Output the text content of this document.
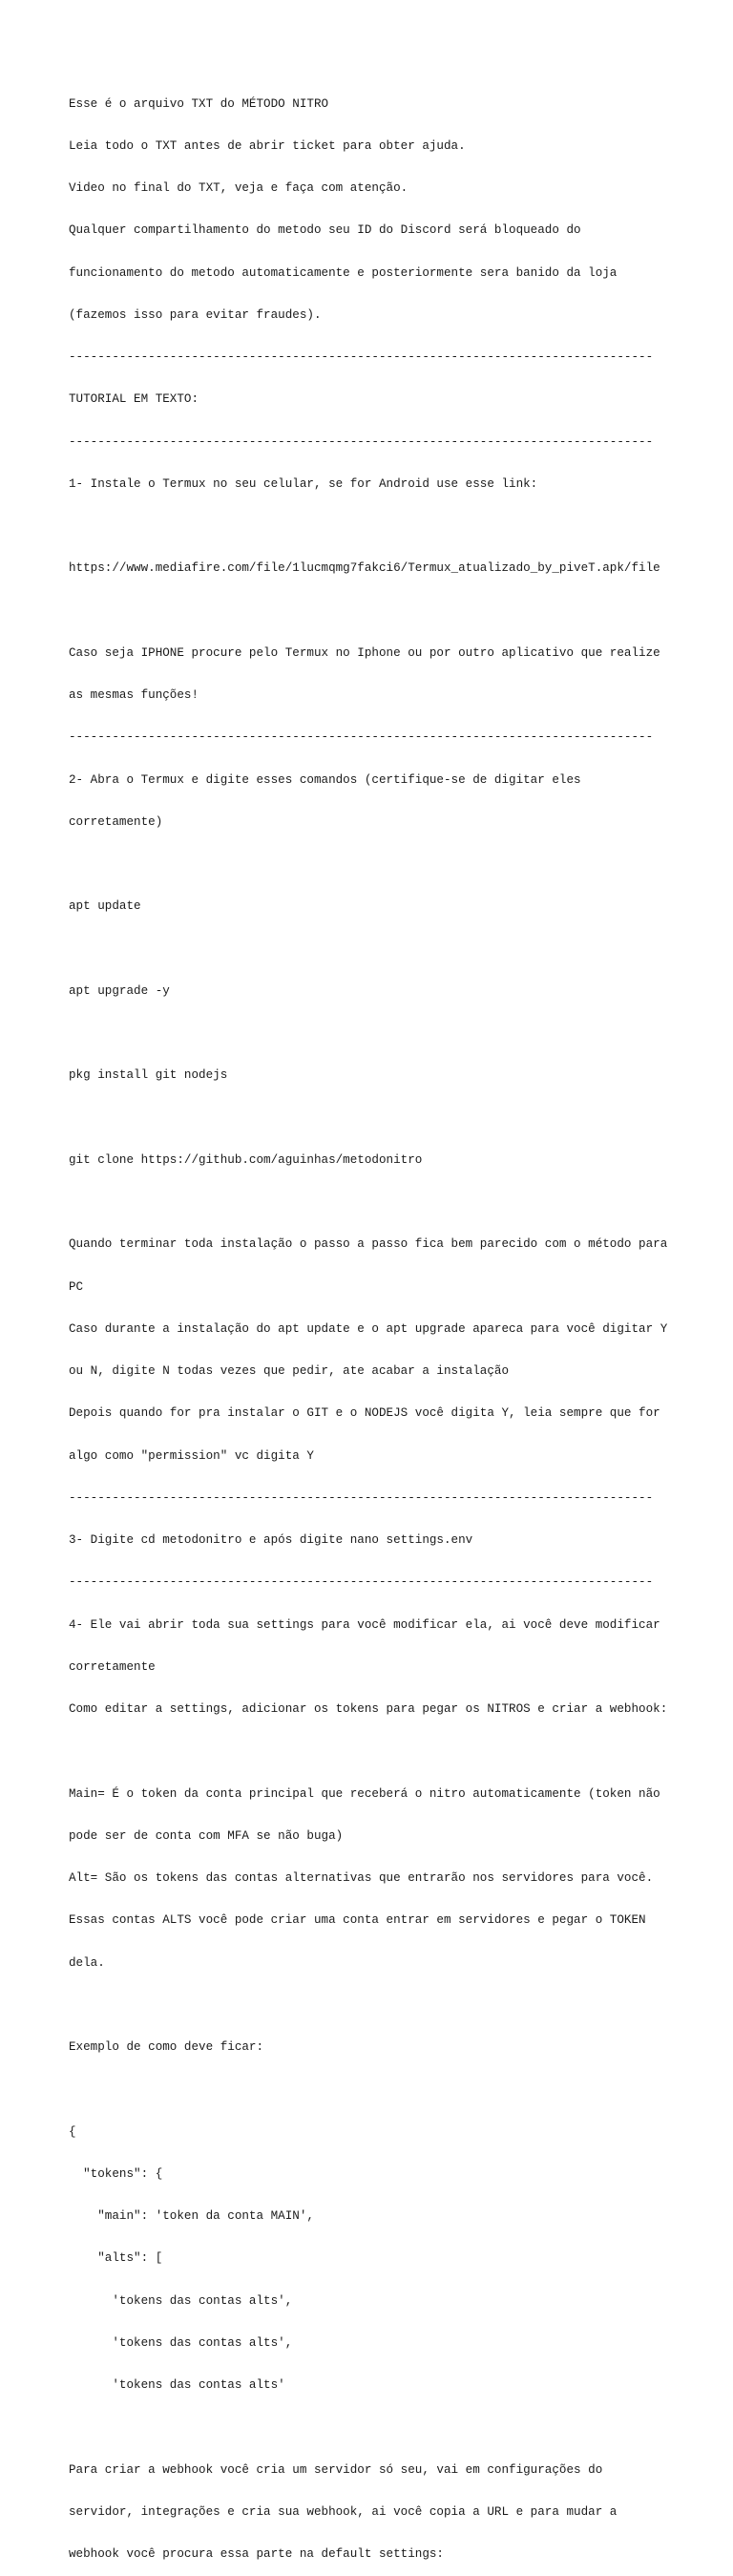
Esse é o arquivo TXT do MÉTODO NITRO

Leia todo o TXT antes de abrir ticket para obter ajuda.

Video no final do TXT, veja e faça com atenção.

Qualquer compartilhamento do metodo seu ID do Discord será bloqueado do

funcionamento do metodo automaticamente e posteriormente sera banido da loja

(fazemos isso para evitar fraudes).

---------------------------------------------------------------------------------

TUTORIAL EM TEXTO:

---------------------------------------------------------------------------------

1- Instale o Termux no seu celular, se for Android use esse link:

https://www.mediafire.com/file/1lucmqmg7fakci6/Termux_atualizado_by_piveT.apk/file

Caso seja IPHONE procure pelo Termux no Iphone ou por outro aplicativo que realize

as mesmas funções!

---------------------------------------------------------------------------------

2- Abra o Termux e digite esses comandos (certifique-se de digitar eles

corretamente)

apt update

apt upgrade -y

pkg install git nodejs

git clone https://github.com/aguinhas/metodonitro

Quando terminar toda instalação o passo a passo fica bem parecido com o método para

PC

Caso durante a instalação do apt update e o apt upgrade apareca para você digitar Y

ou N, digite N todas vezes que pedir, ate acabar a instalação

Depois quando for pra instalar o GIT e o NODEJS você digita Y, leia sempre que for

algo como "permission" vc digita Y

---------------------------------------------------------------------------------

3- Digite cd metodonitro e após digite nano settings.env

---------------------------------------------------------------------------------

4- Ele vai abrir toda sua settings para você modificar ela, ai você deve modificar

corretamente

Como editar a settings, adicionar os tokens para pegar os NITROS e criar a webhook:

Main= É o token da conta principal que receberá o nitro automaticamente (token não

pode ser de conta com MFA se não buga)

Alt= São os tokens das contas alternativas que entrarão nos servidores para você.

Essas contas ALTS você pode criar uma conta entrar em servidores e pegar o TOKEN

dela.

Exemplo de como deve ficar:

{

"tokens": {

"main": 'token da conta MAIN',

"alts": [

'tokens das contas alts',

'tokens das contas alts',

'tokens das contas alts'

Para criar a webhook você cria um servidor só seu, vai em configurações do

servidor, integrações e cria sua webhook, ai você copia a URL e para mudar a

webhook você procura essa parte na default settings:
